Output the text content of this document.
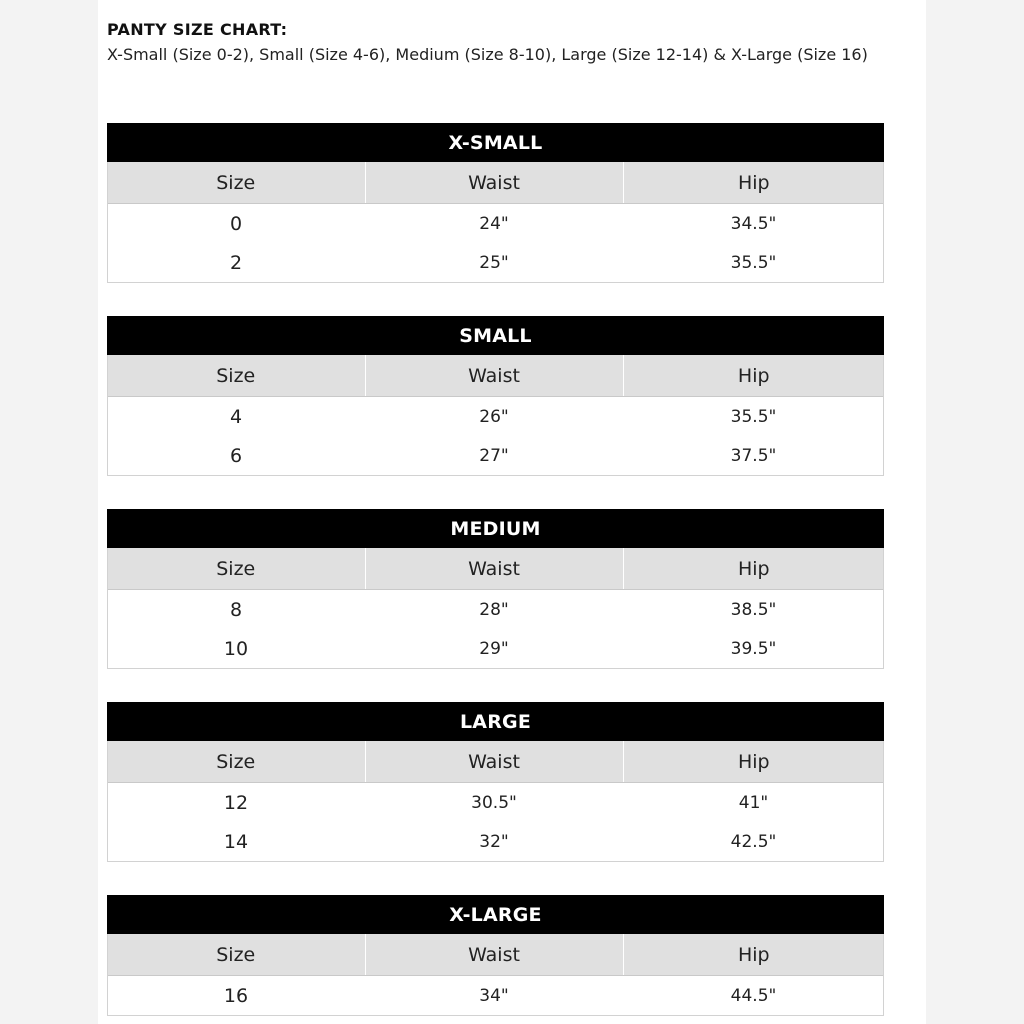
PANTY SIZE CHART:
X-Small (Size 0-2), Small (Size 4-6), Medium (Size 8-10), Large (Size 12-14) & X-Large (Size 16)
X-SMALL		
Size	Waist	Hip
0	24"	34.5"
2	25"	35.5"
SMALL		
Size	Waist	Hip
4	26"	35.5"
6	27"	37.5"
MEDIUM		
Size	Waist	Hip
8	28"	38.5"
10	29"	39.5"
LARGE		
Size	Waist	Hip
12	30.5"	41"
14	32"	42.5"
X-LARGE		
Size	Waist	Hip
16	34"	44.5"
